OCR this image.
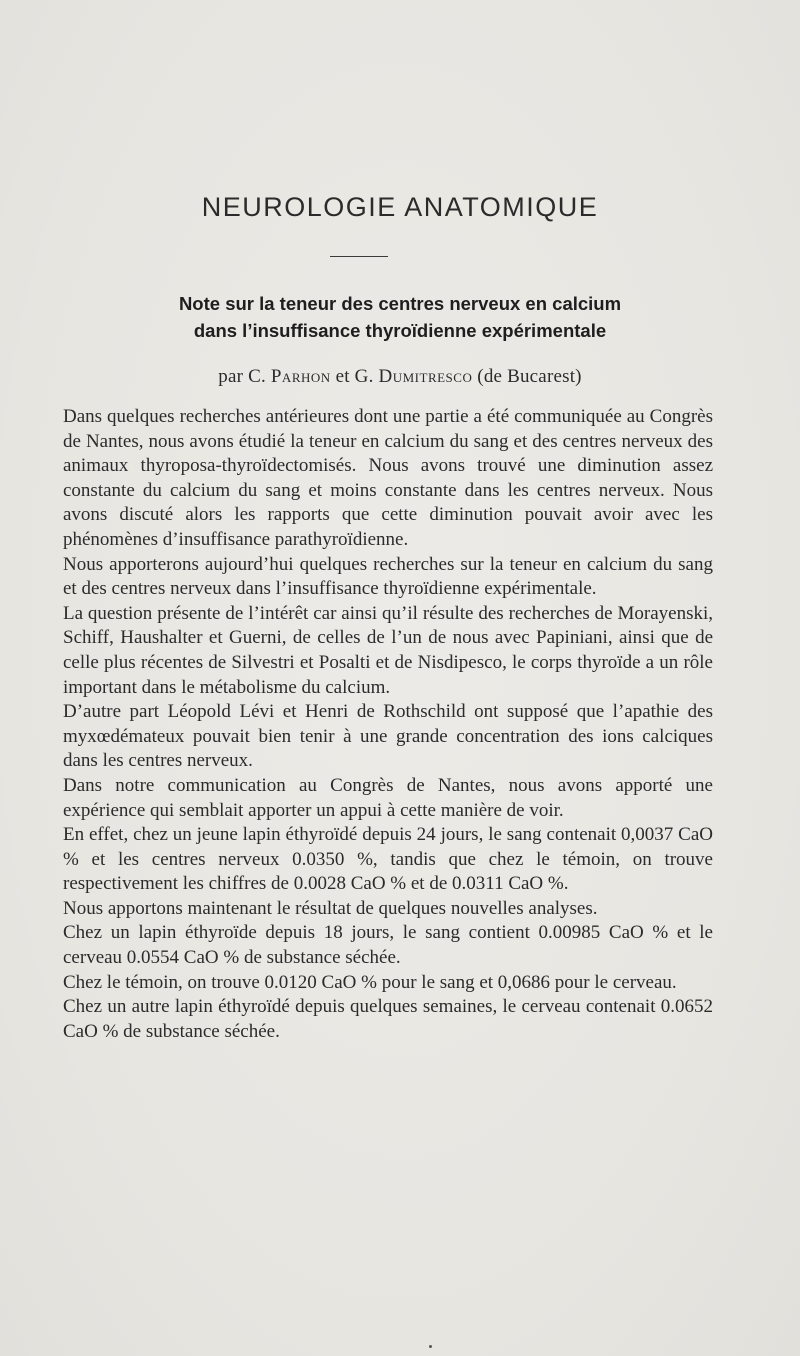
NEUROLOGIE ANATOMIQUE
Note sur la teneur des centres nerveux en calcium
dans l’insuffisance thyroïdienne expérimentale
par C. Parhon et G. Dumitresco (de Bucarest)

Dans quelques recherches antérieures dont une partie a été communiquée au Congrès de Nantes, nous avons étudié la teneur en calcium du sang et des centres nerveux des animaux thyroposa-thyroïdectomisés. Nous avons trouvé une diminution assez constante du calcium du sang et moins constante dans les centres nerveux. Nous avons discuté alors les rapports que cette diminution pouvait avoir avec les phénomènes d’insuffisance parathyroïdienne.

Nous apporterons aujourd’hui quelques recherches sur la teneur en calcium du sang et des centres nerveux dans l’insuffisance thyroïdienne expérimentale.

La question présente de l’intérêt car ainsi qu’il résulte des recherches de Morayenski, Schiff, Haushalter et Guerni, de celles de l’un de nous avec Papiniani, ainsi que de celle plus récentes de Silvestri et Posalti et de Nisdipesco, le corps thyroïde a un rôle important dans le métabolisme du calcium.

D’autre part Léopold Lévi et Henri de Rothschild ont supposé que l’apathie des myxœdémateux pouvait bien tenir à une grande concentration des ions calciques dans les centres nerveux.

Dans notre communication au Congrès de Nantes, nous avons apporté une expérience qui semblait apporter un appui à cette manière de voir.

En effet, chez un jeune lapin éthyroïdé depuis 24 jours, le sang contenait 0,0037 CaO % et les centres nerveux 0.0350 %, tandis que chez le témoin, on trouve respectivement les chiffres de 0.0028 CaO % et de 0.0311 CaO %.

Nous apportons maintenant le résultat de quelques nouvelles analyses.

Chez un lapin éthyroïde depuis 18 jours, le sang contient 0.00985 CaO % et le cerveau 0.0554 CaO % de substance séchée.

Chez le témoin, on trouve 0.0120 CaO % pour le sang et 0,0686 pour le cerveau.

Chez un autre lapin éthyroïdé depuis quelques semaines, le cerveau contenait 0.0652 CaO % de substance séchée.
